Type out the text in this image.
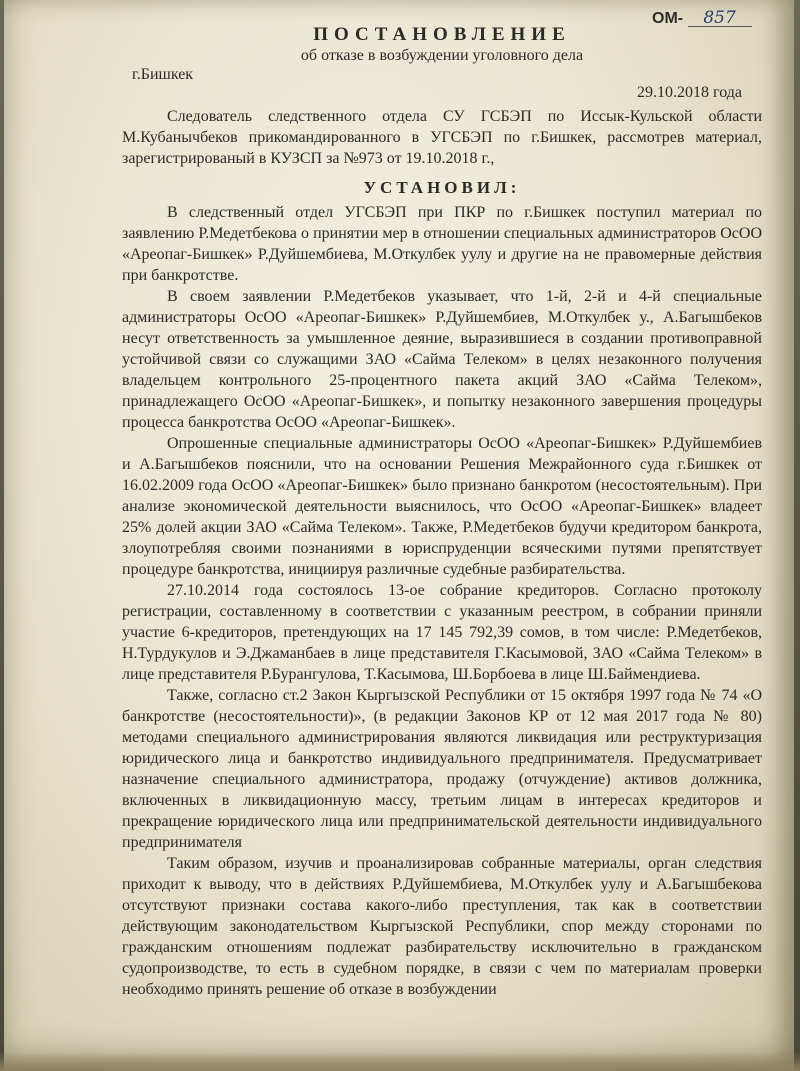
ОМ- 857
ПОСТАНОВЛЕНИЕ
об отказе в возбуждении уголовного дела
г.Бишкек
29.10.2018 года

Следователь следственного отдела СУ ГСБЭП по Иссык-Кульской области М.Кубанычбеков прикомандированного в УГСБЭП по г.Бишкек, рассмотрев материал, зарегистрированый в КУЗСП за №973 от 19.10.2018 г.,

УСТАНОВИЛ:

В следственный отдел УГСБЭП при ПКР по г.Бишкек поступил материал по заявлению Р.Медетбекова о принятии мер в отношении специальных администраторов ОсОО «Ареопаг-Бишкек» Р.Дуйшембиева, М.Откулбек уулу и другие на не правомерные действия при банкротстве.

В своем заявлении Р.Медетбеков указывает, что 1-й, 2-й и 4-й специальные администраторы ОсОО «Ареопаг-Бишкек» Р.Дуйшембиев, М.Откулбек у., А.Багышбеков несут ответственность за умышленное деяние, выразившиеся в создании противоправной устойчивой связи со служащими ЗАО «Сайма Телеком» в целях незаконного получения владельцем контрольного 25-процентного пакета акций ЗАО «Сайма Телеком», принадлежащего ОсОО «Ареопаг-Бишкек», и попытку незаконного завершения процедуры процесса банкротства ОсОО «Ареопаг-Бишкек».

Опрошенные специальные администраторы ОсОО «Ареопаг-Бишкек» Р.Дуйшембиев и А.Багышбеков пояснили, что на основании Решения Межрайонного суда г.Бишкек от 16.02.2009 года ОсОО «Ареопаг-Бишкек» было признано банкротом (несостоятельным). При анализе экономической деятельности выяснилось, что ОсОО «Ареопаг-Бишкек» владеет 25% долей акции ЗАО «Сайма Телеком». Также, Р.Медетбеков будучи кредитором банкрота, злоупотребляя своими познаниями в юриспруденции всяческими путями препятствует процедуре банкротства, инициируя различные судебные разбирательства.

27.10.2014 года состоялось 13-ое собрание кредиторов. Согласно протоколу регистрации, составленному в соответствии с указанным реестром, в собрании приняли участие 6-кредиторов, претендующих на 17 145 792,39 сомов, в том числе: Р.Медетбеков, Н.Турдукулов и Э.Джаманбаев в лице представителя Г.Касымовой, ЗАО «Сайма Телеком» в лице представителя Р.Бурангулова, Т.Касымова, Ш.Борбоева в лице Ш.Баймендиева.

Также, согласно ст.2 Закон Кыргызской Республики от 15 октября 1997 года № 74 «О банкротстве (несостоятельности)», (в редакции Законов КР от 12 мая 2017 года № 80) методами специального администрирования являются ликвидация или реструктуризация юридического лица и банкротство индивидуального предпринимателя. Предусматривает назначение специального администратора, продажу (отчуждение) активов должника, включенных в ликвидационную массу, третьим лицам в интересах кредиторов и прекращение юридического лица или предпринимательской деятельности индивидуального предпринимателя

Таким образом, изучив и проанализировав собранные материалы, орган следствия приходит к выводу, что в действиях Р.Дуйшембиева, М.Откулбек уулу и А.Багышбекова отсутствуют признаки состава какого-либо преступления, так как в соответствии действующим законодательством Кыргызской Республики, спор между сторонами по гражданским отношениям подлежат разбирательству исключительно в гражданском судопроизводстве, то есть в судебном порядке, в связи с чем по материалам проверки необходимо принять решение об отказе в возбуждении
